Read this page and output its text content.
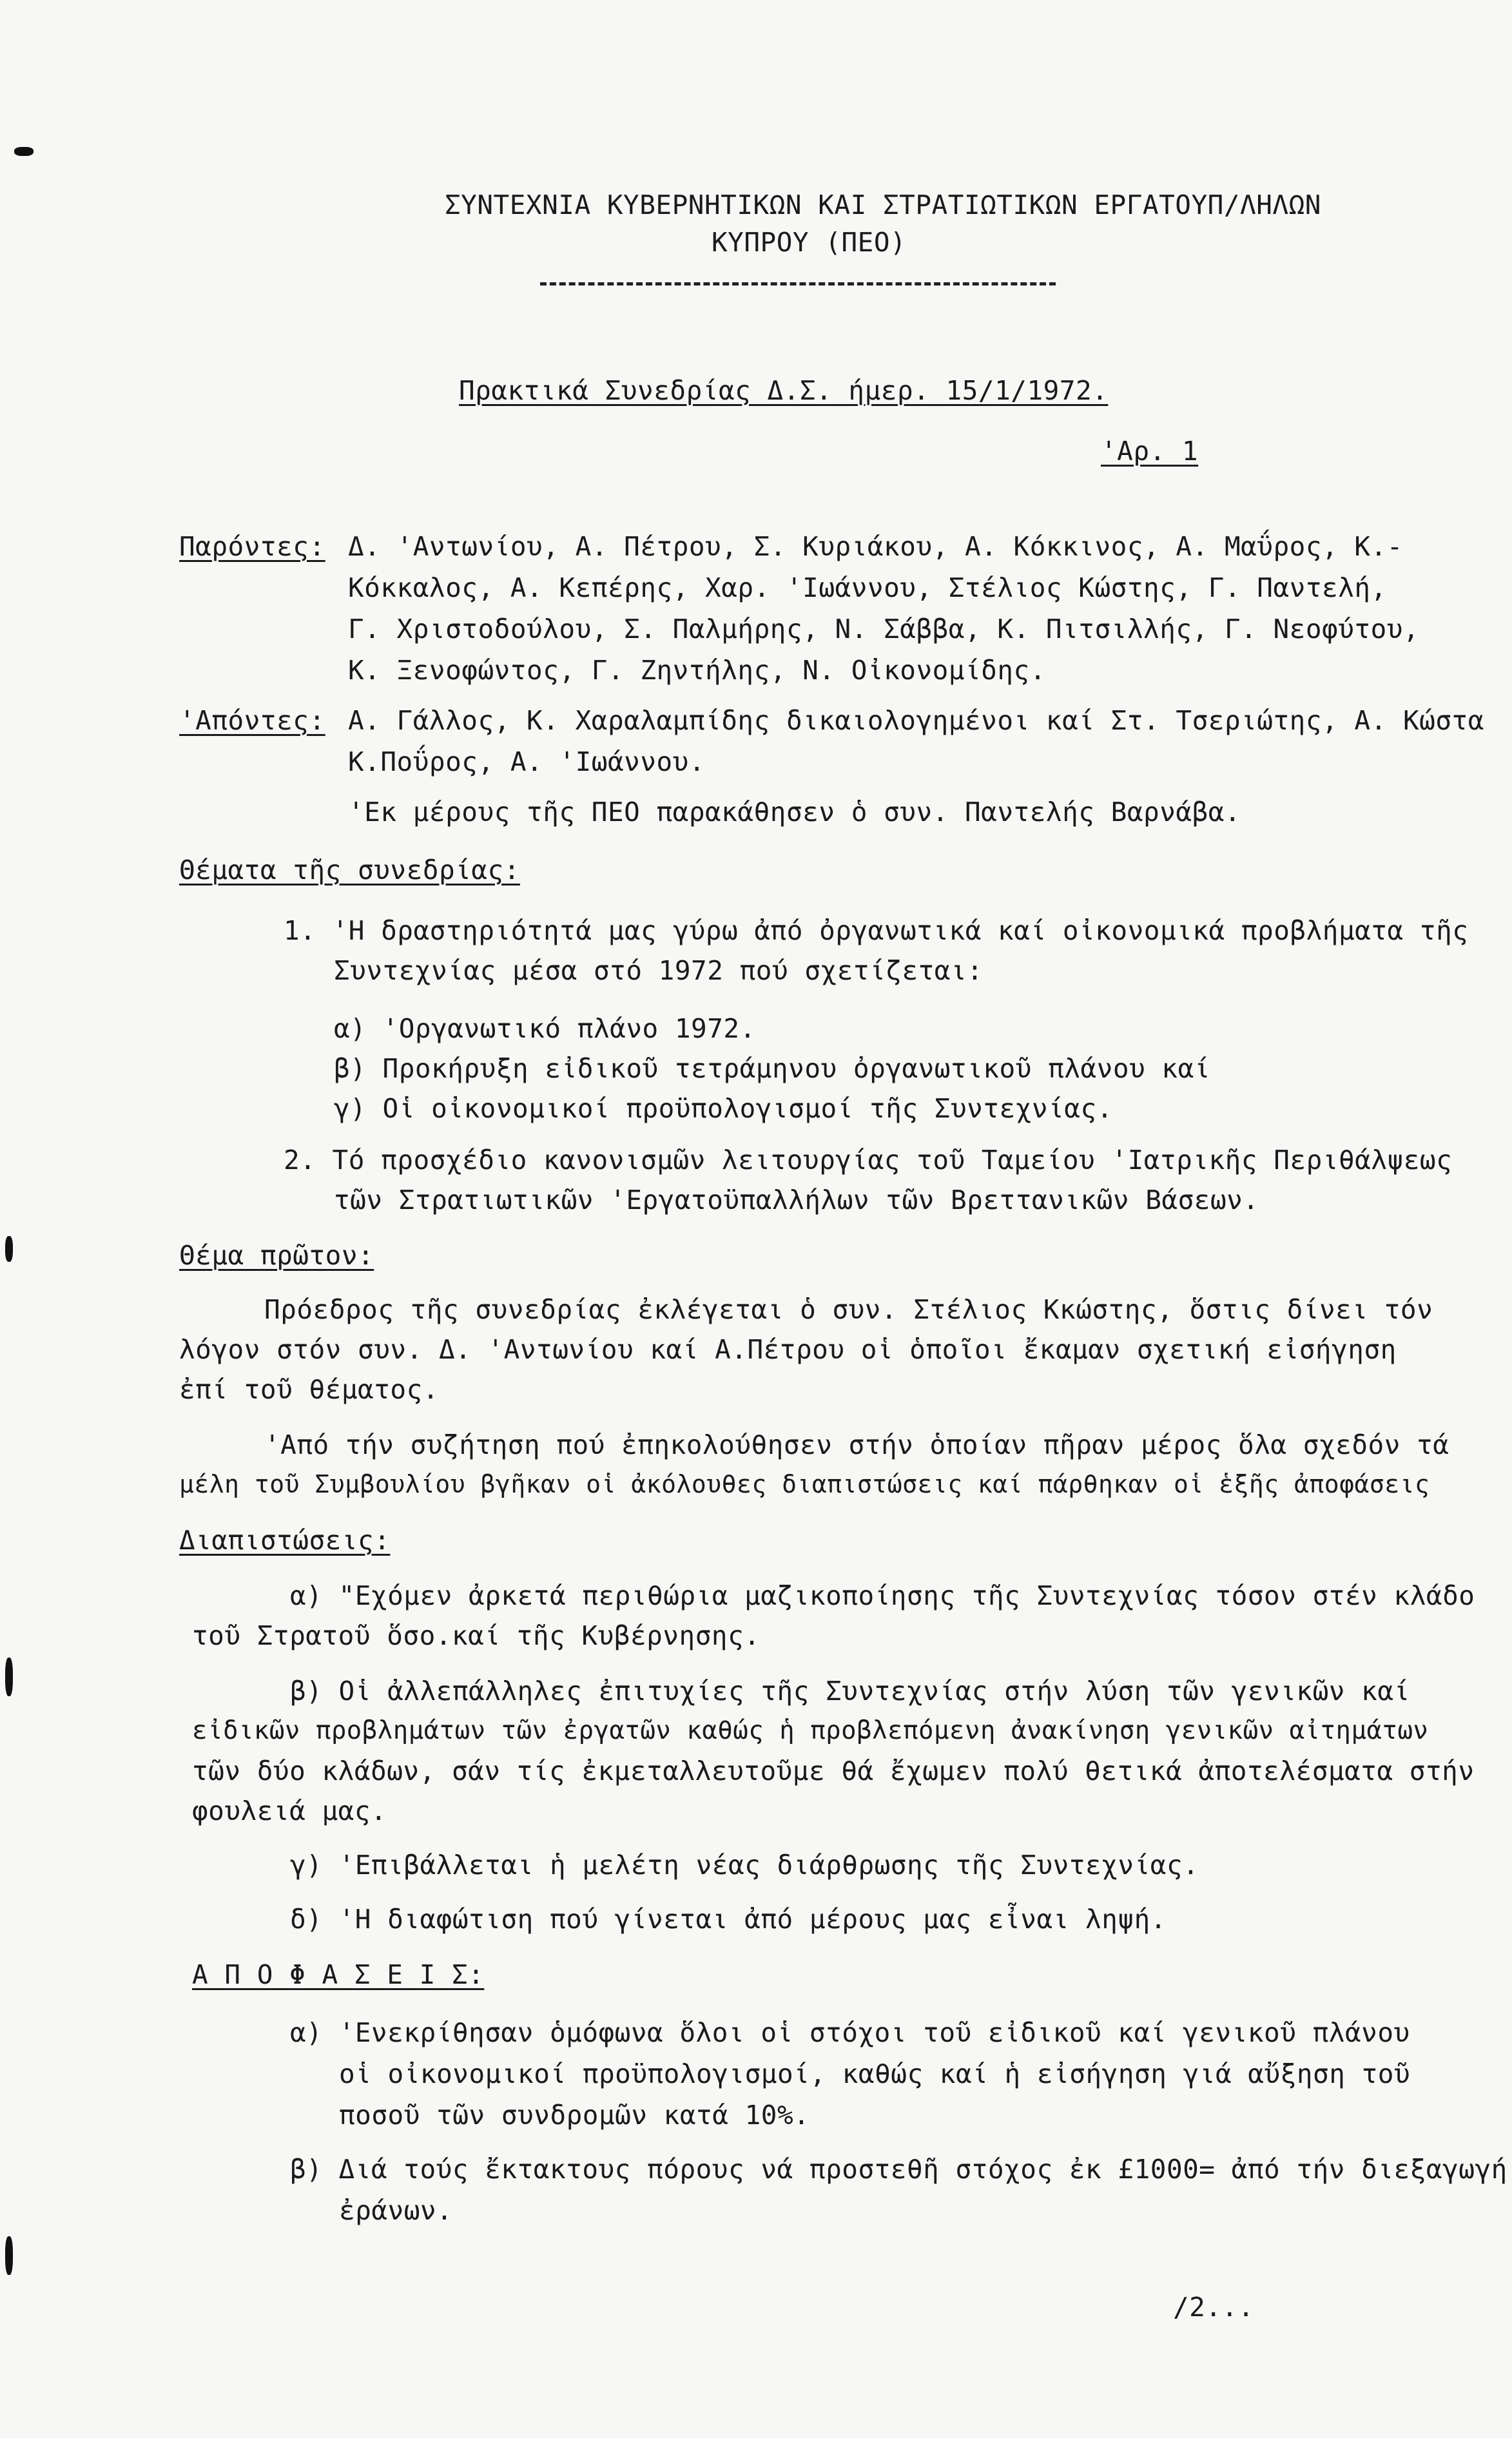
ΣΥΝΤΕΧΝΙΑ ΚΥΒΕΡΝΗΤΙΚΩΝ ΚΑΙ ΣΤΡΑΤΙΩΤΙΚΩΝ ΕΡΓΑΤΟΥΠ/ΛΗΛΩΝ
ΚΥΠΡΟΥ (ΠΕΟ)
Πρακτικά Συνεδρίας Δ.Σ. ήμερ. 15/1/1972.
'Αρ. 1
Παρόντες: Δ. 'Αντωνίου, Α. Πέτρου, Σ. Κυριάκου, Α. Κόκκινος, Α. Μαΰρος, Κ.-
Κόκκαλος, Α. Κεπέρης, Χαρ. 'Ιωάννου, Στέλιος Κώστης, Γ. Παντελή,
Γ. Χριστοδούλου, Σ. Παλμήρης, Ν. Σάββα, Κ. Πιτσιλλής, Γ. Νεοφύτου,
Κ. Ξενοφώντος, Γ. Ζηντήλης, Ν. Οἰκονομίδης.
'Απόντες: Α. Γάλλος, Κ. Χαραλαμπίδης δικαιολογημένοι καί Στ. Τσεριώτης, Α. Κώστα
Κ.Ποΰρος, Α. 'Ιωάννου.
'Εκ μέρους τῆς ΠΕΟ παρακάθησεν ὁ συν. Παντελής Βαρνάβα.
Θέματα τῆς συνεδρίας:
1. 'Η δραστηριότητά μας γύρω ἀπό ὀργανωτικά καί οἰκονομικά προβλήματα τῆς
Συντεχνίας μέσα στό 1972 πού σχετίζεται:
α) 'Οργανωτικό πλάνο 1972.
β) Προκήρυξη εἰδικοῦ τετράμηνου ὀργανωτικοῦ πλάνου καί
γ) Οἱ οἰκονομικοί προϋπολογισμοί τῆς Συντεχνίας.
2. Τό προσχέδιο κανονισμῶν λειτουργίας τοῦ Ταμείου 'Ιατρικῆς Περιθάλψεως
τῶν Στρατιωτικῶν 'Εργατοϋπαλλήλων τῶν Βρεττανικῶν Βάσεων.
Θέμα πρῶτον:
Πρόεδρος τῆς συνεδρίας ἐκλέγεται ὁ συν. Στέλιος Κκώστης, ὅστις δίνει τόν
λόγον στόν συν. Δ. 'Αντωνίου καί Α.Πέτρου οἱ ὁποῖοι ἔκαμαν σχετική εἰσήγηση
ἐπί τοῦ θέματος.
'Από τήν συζήτηση πού ἐπηκολούθησεν στήν ὁποίαν πῆραν μέρος ὅλα σχεδόν τά
μέλη τοῦ Συμβουλίου βγῆκαν οἱ ἀκόλουθες διαπιστώσεις καί πάρθηκαν οἱ ἑξῆς ἀποφάσεις
Διαπιστώσεις:
α) "Εχόμεν ἀρκετά περιθώρια μαζικοποίησης τῆς Συντεχνίας τόσον στέν κλάδο
τοῦ Στρατοῦ ὅσο.καί τῆς Κυβέρνησης.
β) Οἱ ἀλλεπάλληλες ἐπιτυχίες τῆς Συντεχνίας στήν λύση τῶν γενικῶν καί
εἰδικῶν προβλημάτων τῶν ἐργατῶν καθώς ἡ προβλεπόμενη ἀνακίνηση γενικῶν αἰτημάτων
τῶν δύο κλάδων, σάν τίς ἐκμεταλλευτοῦμε θά ἔχωμεν πολύ θετικά ἀποτελέσματα στήν
φουλειά μας.
γ) 'Επιβάλλεται ἡ μελέτη νέας διάρθρωσης τῆς Συντεχνίας.
δ) 'Η διαφώτιση πού γίνεται ἀπό μέρους μας εἶναι ληψή.
Α Π Ο Φ Α Σ Ε Ι Σ:
α) 'Ενεκρίθησαν ὁμόφωνα ὅλοι οἱ στόχοι τοῦ εἰδικοῦ καί γενικοῦ πλάνου
οἱ οἰκονομικοί προϋπολογισμοί, καθώς καί ἡ εἰσήγηση γιά αὔξηση τοῦ
ποσοῦ τῶν συνδρομῶν κατά 10%.
β) Διά τούς ἔκτακτους πόρους νά προστεθῆ στόχος ἐκ £1000= ἀπό τήν διεξαγωγή
ἐράνων.
/2...
